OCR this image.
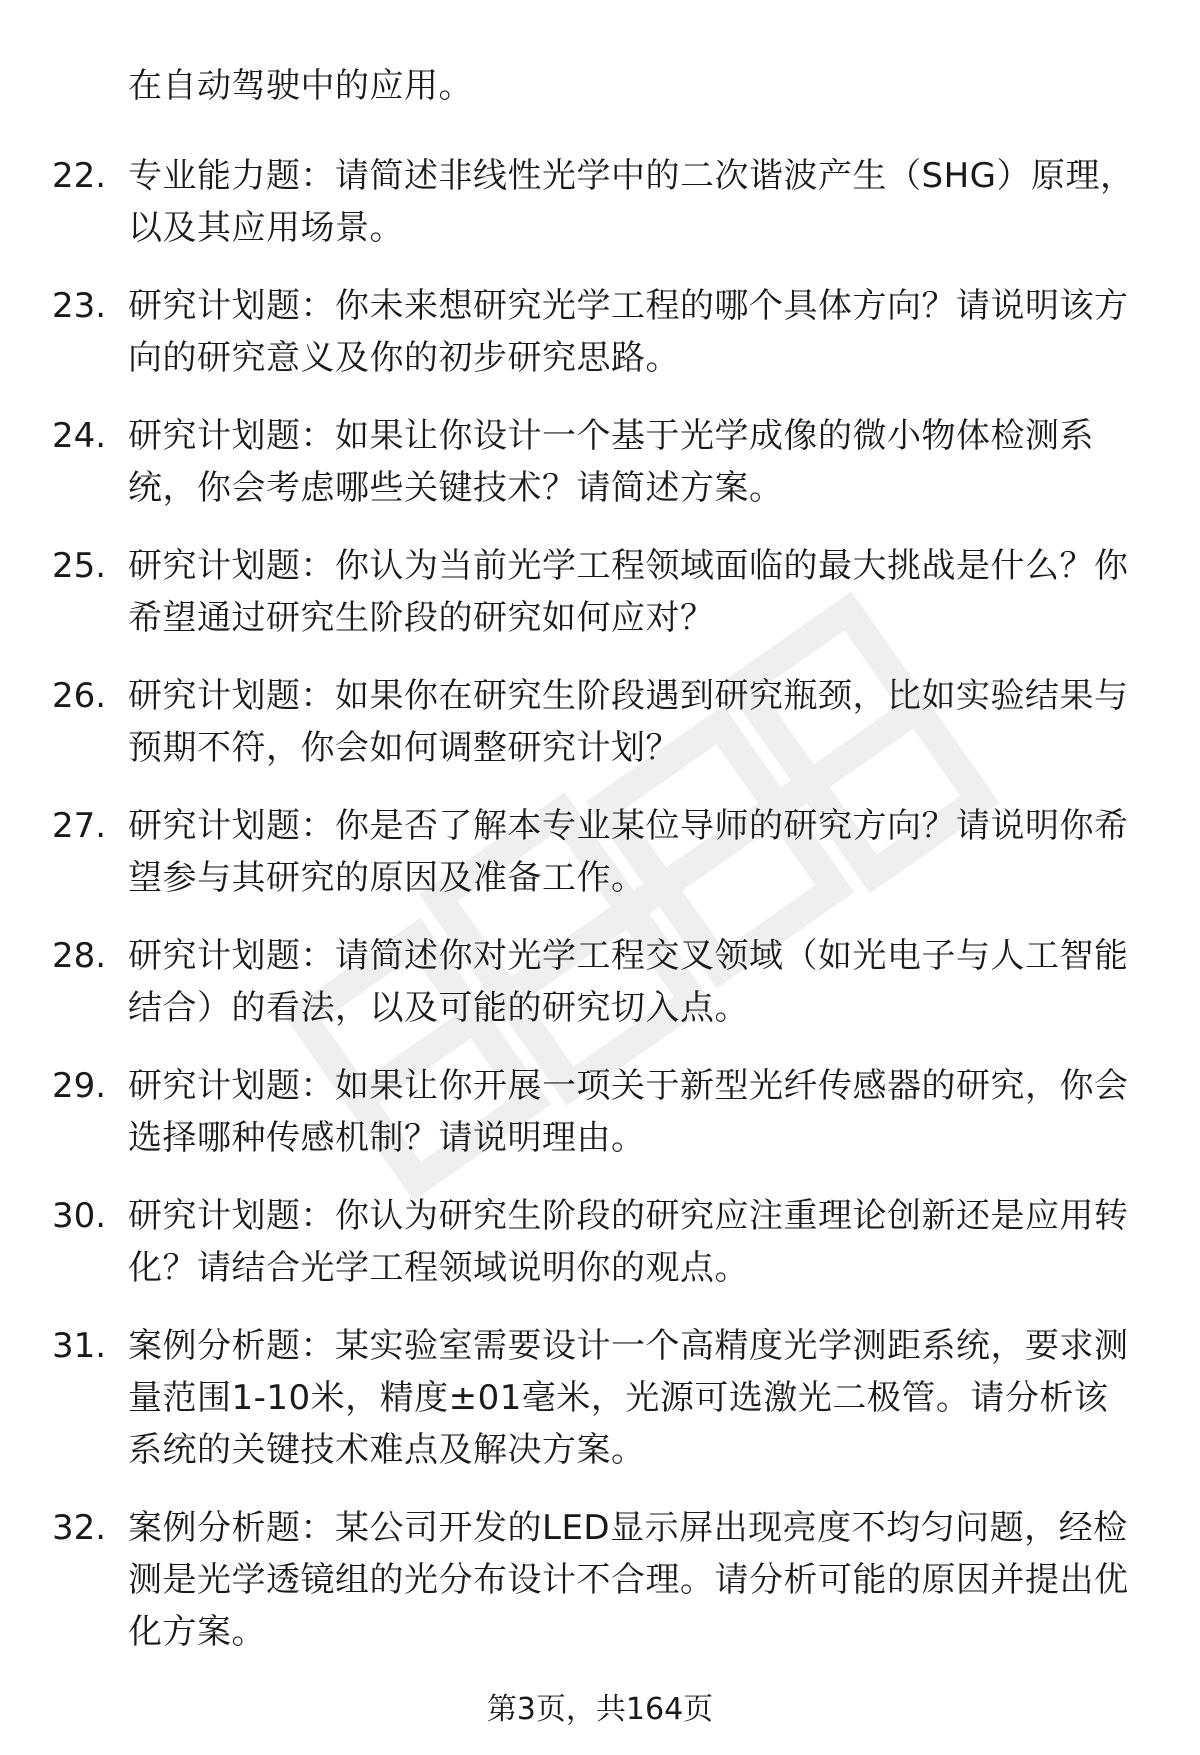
在自动驾驶中的应用。

22. 专业能力题：请简述非线性光学中的二次谐波产生（SHG）原理，以及其应用场景。
23. 研究计划题：你未来想研究光学工程的哪个具体方向？请说明该方向的研究意义及你的初步研究思路。
24. 研究计划题：如果让你设计一个基于光学成像的微小物体检测系统，你会考虑哪些关键技术？请简述方案。
25. 研究计划题：你认为当前光学工程领域面临的最大挑战是什么？你希望通过研究生阶段的研究如何应对？
26. 研究计划题：如果你在研究生阶段遇到研究瓶颈，比如实验结果与预期不符，你会如何调整研究计划？
27. 研究计划题：你是否了解本专业某位导师的研究方向？请说明你希望参与其研究的原因及准备工作。
28. 研究计划题：请简述你对光学工程交叉领域（如光电子与人工智能结合）的看法，以及可能的研究切入点。
29. 研究计划题：如果让你开展一项关于新型光纤传感器的研究，你会选择哪种传感机制？请说明理由。
30. 研究计划题：你认为研究生阶段的研究应注重理论创新还是应用转化？请结合光学工程领域说明你的观点。
31. 案例分析题：某实验室需要设计一个高精度光学测距系统，要求测量范围1-10米，精度±01毫米，光源可选激光二极管。请分析该系统的关键技术难点及解决方案。
32. 案例分析题：某公司开发的LED显示屏出现亮度不均匀问题，经检测是光学透镜组的光分布设计不合理。请分析可能的原因并提出优化方案。
第3页，共164页
